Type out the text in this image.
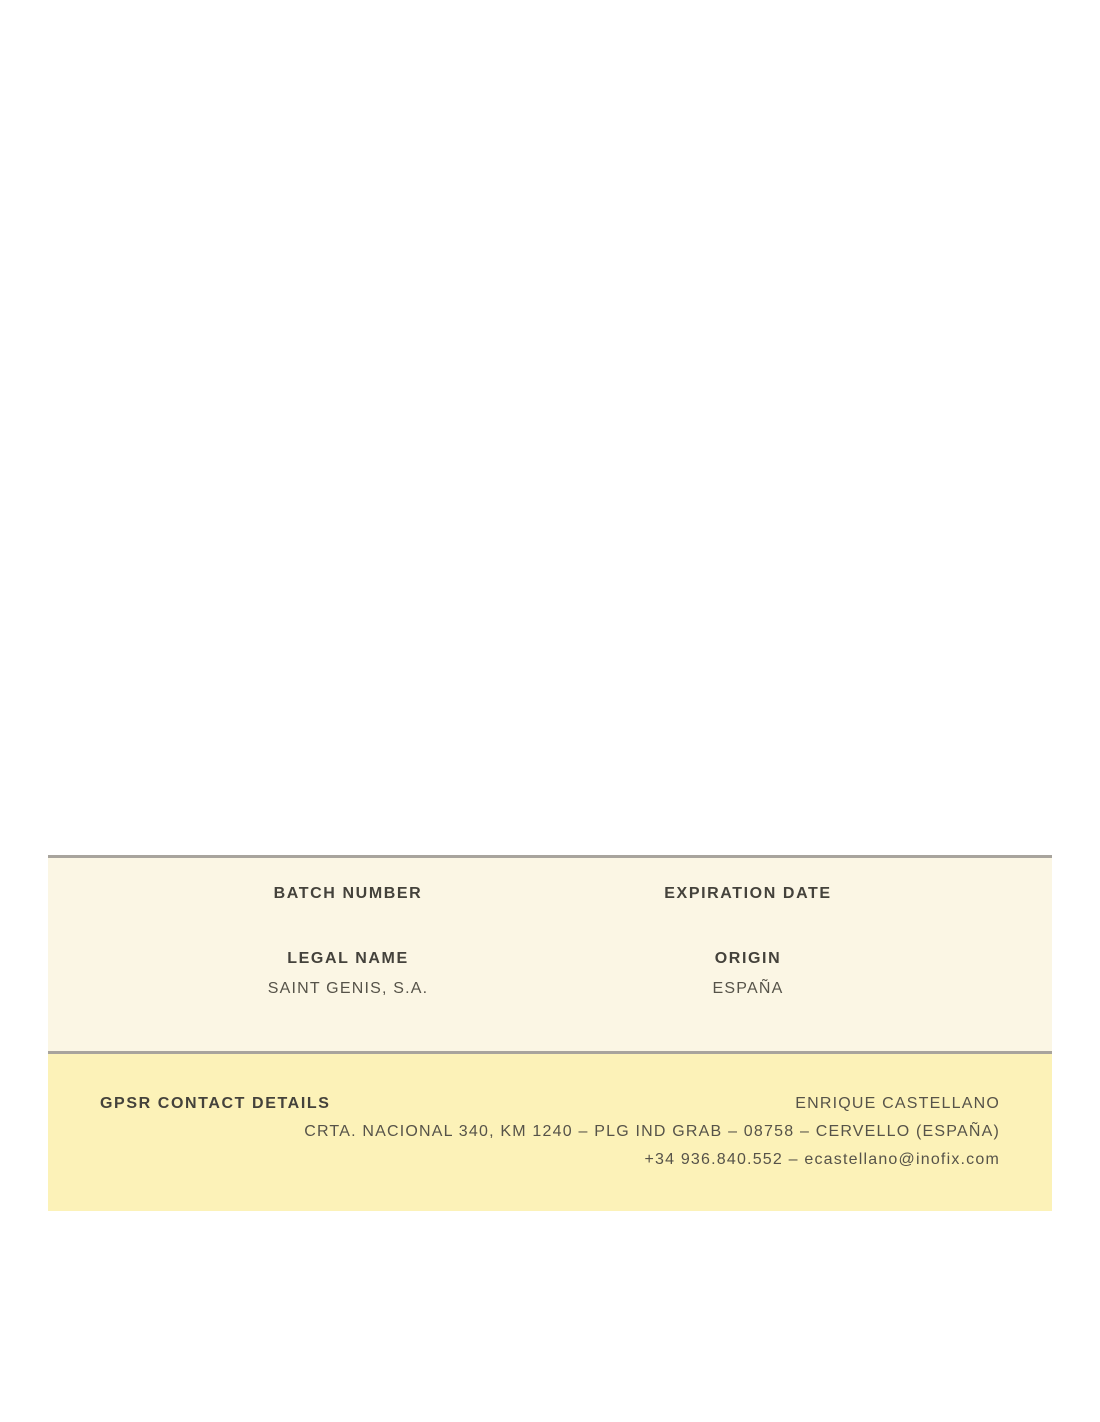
BATCH NUMBER	EXPIRATION DATE
LEGAL NAME
SAINT GENIS, S.A.
ORIGIN
ESPAÑA
GPSR CONTACT DETAILS	ENRIQUE CASTELLANO
CRTA. NACIONAL 340, KM 1240 – PLG IND GRAB – 08758 – CERVELLO (ESPAÑA)
+34 936.840.552 – ecastellano@inofix.com
